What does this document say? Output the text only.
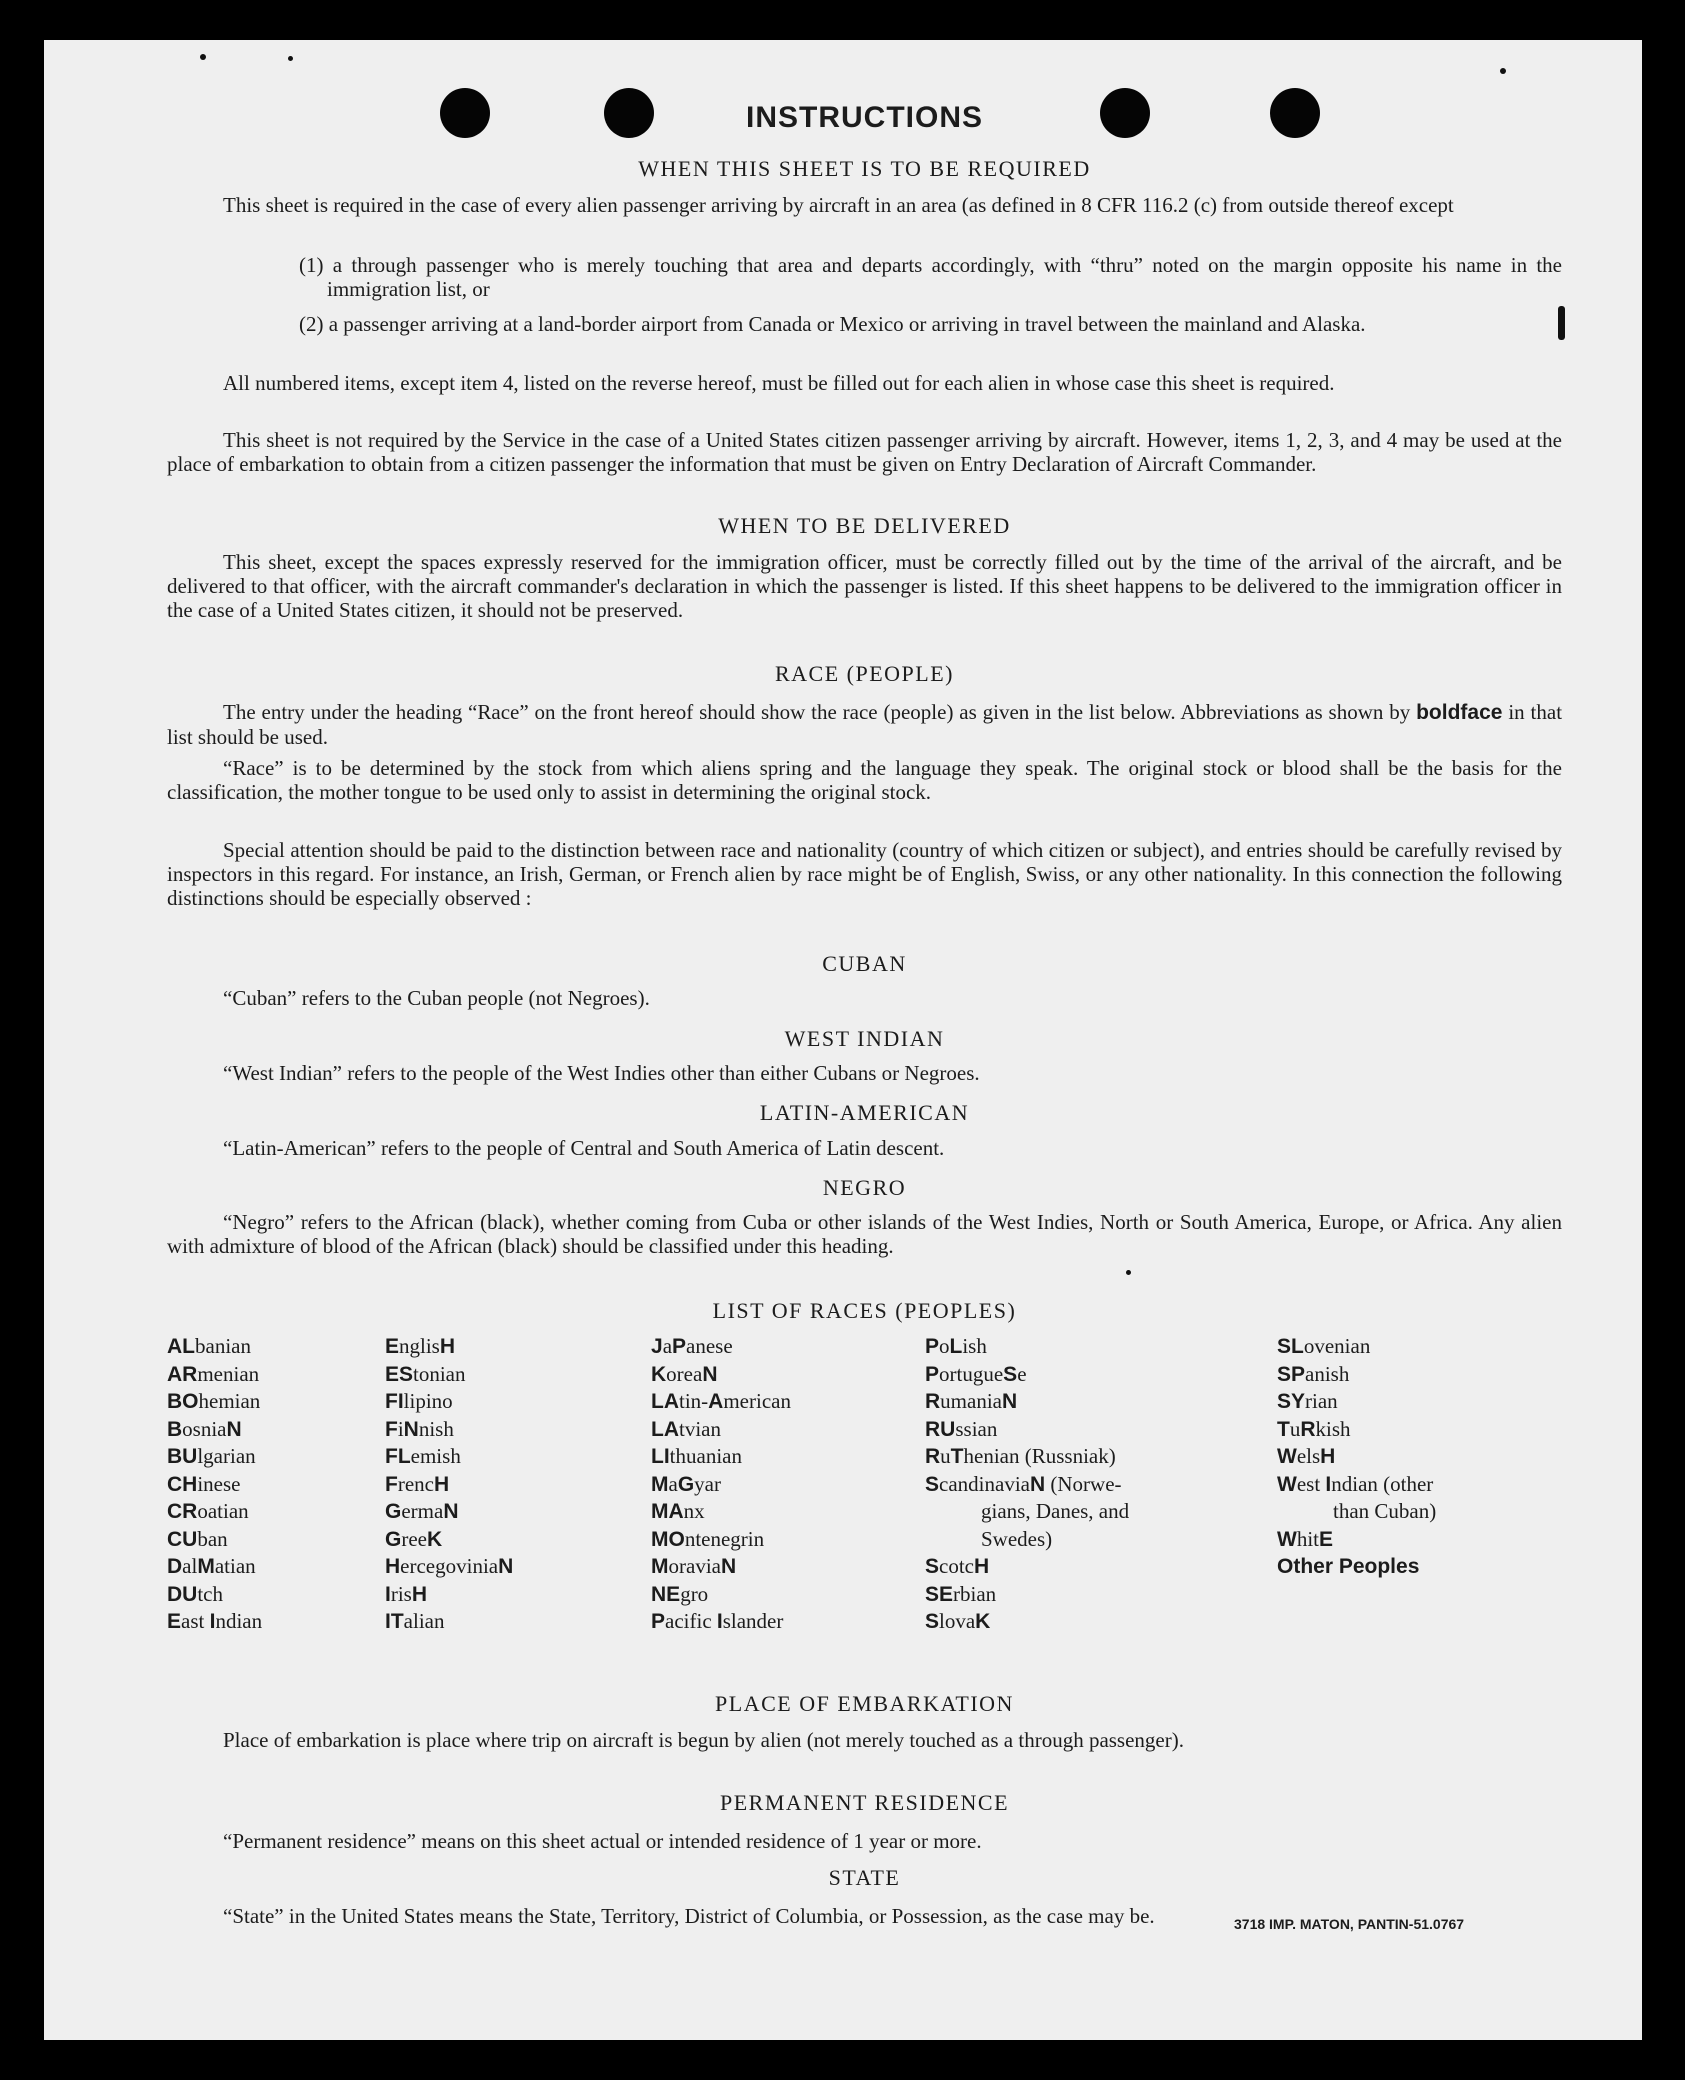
INSTRUCTIONS
WHEN THIS SHEET IS TO BE REQUIRED

This sheet is required in the case of every alien passenger arriving by aircraft in an area (as defined in 8 CFR 116.2 (c) from outside thereof except

(1) a through passenger who is merely touching that area and departs accordingly, with “thru” noted on the margin opposite his name in the immigration list, or

(2) a passenger arriving at a land-border airport from Canada or Mexico or arriving in travel between the mainland and Alaska.

All numbered items, except item 4, listed on the reverse hereof, must be filled out for each alien in whose case this sheet is required.

This sheet is not required by the Service in the case of a United States citizen passenger arriving by aircraft. However, items 1, 2, 3, and 4 may be used at the place of embarkation to obtain from a citizen passenger the information that must be given on Entry Declaration of Aircraft Commander.

WHEN TO BE DELIVERED

This sheet, except the spaces expressly reserved for the immigration officer, must be correctly filled out by the time of the arrival of the aircraft, and be delivered to that officer, with the aircraft commander's declaration in which the passenger is listed. If this sheet happens to be delivered to the immigration officer in the case of a United States citizen, it should not be preserved.

RACE (PEOPLE)

The entry under the heading “Race” on the front hereof should show the race (people) as given in the list below. Abbreviations as shown by boldface in that list should be used.

“Race” is to be determined by the stock from which aliens spring and the language they speak. The original stock or blood shall be the basis for the classification, the mother tongue to be used only to assist in determining the original stock.

Special attention should be paid to the distinction between race and nationality (country of which citizen or subject), and entries should be carefully revised by inspectors in this regard. For instance, an Irish, German, or French alien by race might be of English, Swiss, or any other nationality. In this connection the following distinctions should be especially observed :

CUBAN

“Cuban” refers to the Cuban people (not Negroes).

WEST INDIAN

“West Indian” refers to the people of the West Indies other than either Cubans or Negroes.

LATIN-AMERICAN

“Latin-American” refers to the people of Central and South America of Latin descent.

NEGRO

“Negro” refers to the African (black), whether coming from Cuba or other islands of the West Indies, North or South America, Europe, or Africa. Any alien with admixture of blood of the African (black) should be classified under this heading.

LIST OF RACES (PEOPLES)
ALbanian
ARmenian
BOhemian
BosniaN
BUlgarian
CHinese
CRoatian
CUban
DalMatian
DUtch
East Indian
EnglisH
EStonian
FIlipino
FiNnish
FLemish
FrencH
GermaN
GreeK
HercegoviniaN
IrisH
ITalian
JaPanese
KoreaN
LAtin-American
LAtvian
LIthuanian
MaGyar
MAnx
MOntenegrin
MoraviaN
NEgro
Pacific Islander
PoLish
PortugueSe
RumaniaN
RUssian
RuThenian (Russniak)
ScandinaviaN (Norwe-
gians, Danes, and
Swedes)
ScotcH
SErbian
SlovaK
SLovenian
SPanish
SYrian
TuRkish
WelsH
West Indian (other
than Cuban)
WhitE
Other Peoples
PLACE OF EMBARKATION

Place of embarkation is place where trip on aircraft is begun by alien (not merely touched as a through passenger).

PERMANENT RESIDENCE

“Permanent residence” means on this sheet actual or intended residence of 1 year or more.

STATE

“State” in the United States means the State, Territory, District of Columbia, or Possession, as the case may be.	3718 IMP. MATON, PANTIN-51.0767
